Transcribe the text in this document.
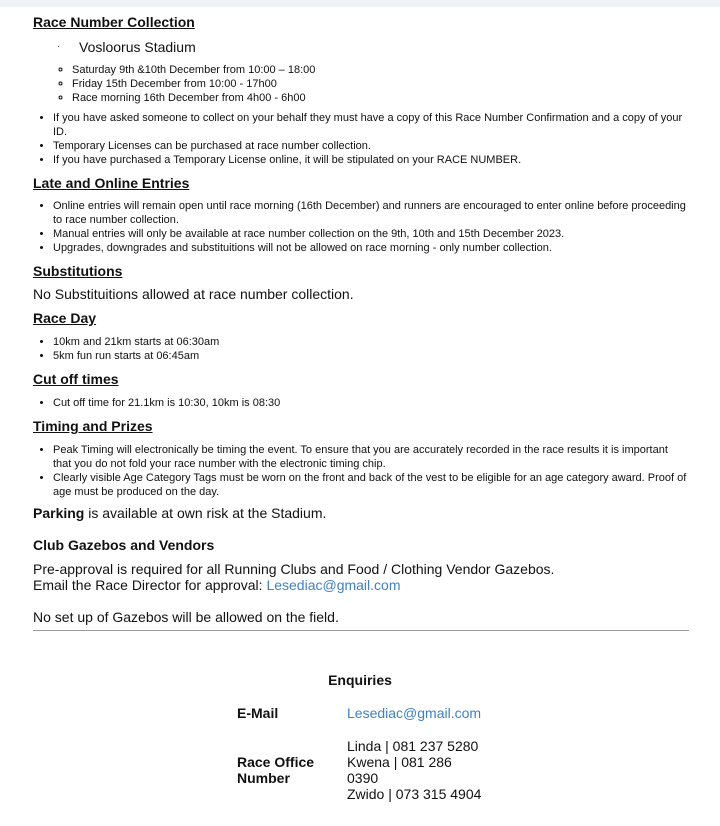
Race Number Collection

· Vosloorus Stadium

◦ Saturday 9th &10th December from 10:00 – 18:00
◦ Friday 15th December from 10:00 - 17h00
◦ Race morning 16th December from 4h00 - 6h00
• If you have asked someone to collect on your behalf they must have a copy of this Race Number Confirmation and a copy of your ID.
• Temporary Licenses can be purchased at race number collection.
• If you have purchased a Temporary License online, it will be stipulated on your RACE NUMBER.
Late and Online Entries
• Online entries will remain open until race morning (16th December) and runners are encouraged to enter online before proceeding to race number collection.
• Manual entries will only be available at race number collection on the 9th, 10th and 15th December 2023.
• Upgrades, downgrades and substituitions will not be allowed on race morning - only number collection.
Substitutions

No Substituitions allowed at race number collection.

Race Day
• 10km and 21km starts at 06:30am
• 5km fun run starts at 06:45am
Cut off times
• Cut off time for 21.1km is 10:30, 10km is 08:30
Timing and Prizes
• Peak Timing will electronically be timing the event. To ensure that you are accurately recorded in the race results it is important that you do not fold your race number with the electronic timing chip.
• Clearly visible Age Category Tags must be worn on the front and back of the vest to be eligible for an age category award. Proof of age must be produced on the day.

Parking is available at own risk at the Stadium.

Club Gazebos and Vendors

Pre-approval is required for all Running Clubs and Food / Clothing Vendor Gazebos.

Email the Race Director for approval: Lesediac@gmail.com

No set up of Gazebos will be allowed on the field.

Enquiries
E-Mail	Lesediac@gmail.com
Race Office Number
Linda | 081 237 5280
Kwena | 081 286 0390
Zwido | 073 315 4904
